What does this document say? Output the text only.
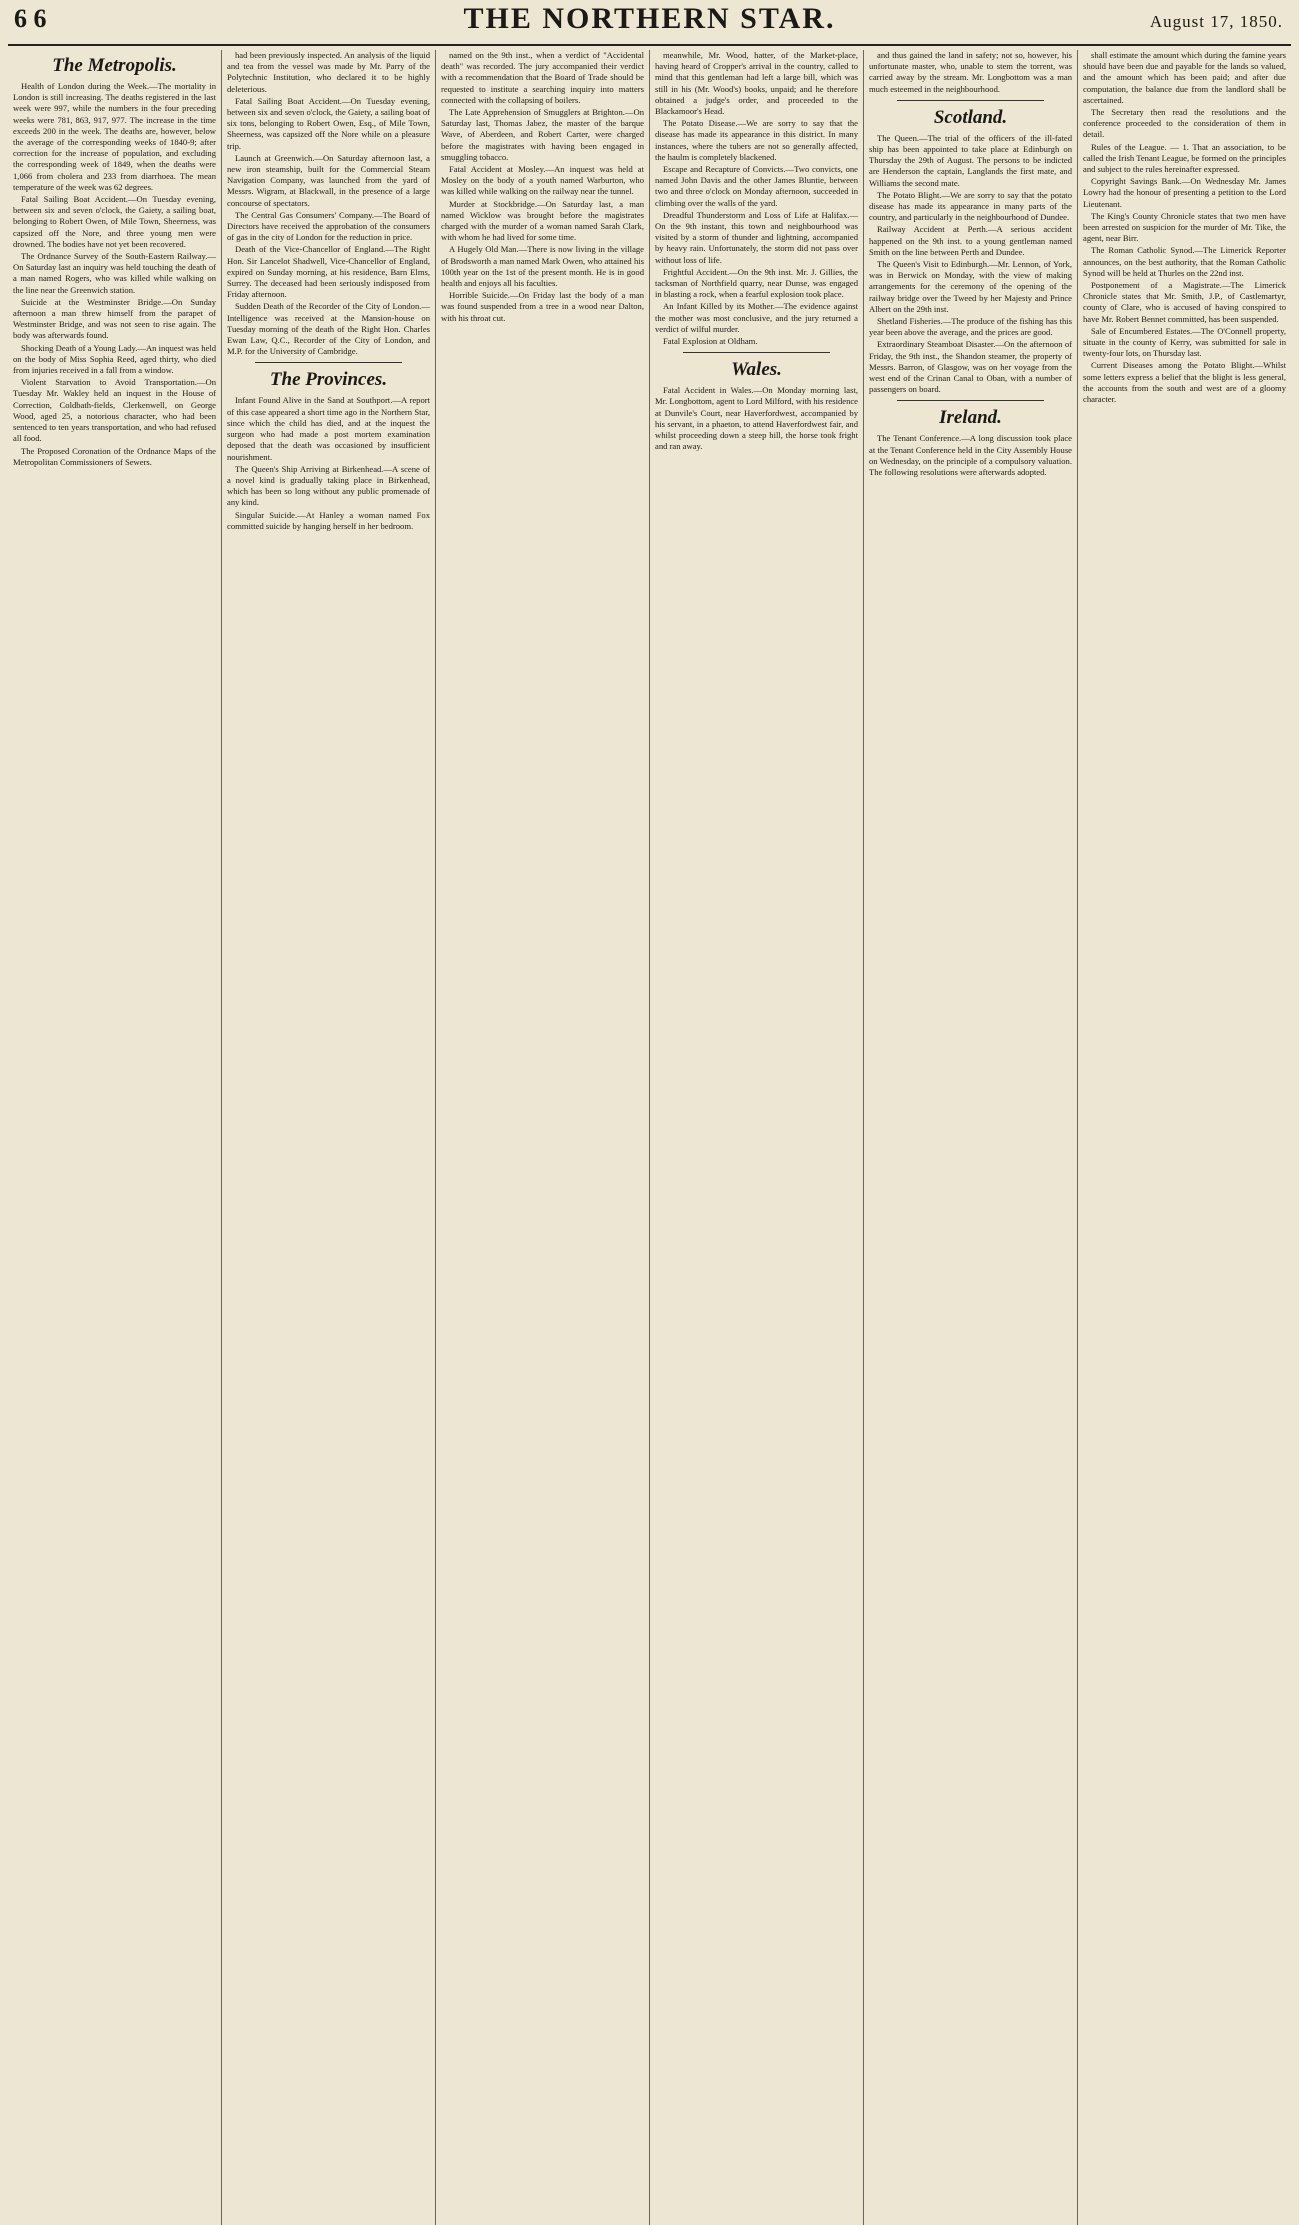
6 6	THE NORTHERN STAR.	August 17, 1850.

The Metropolis.

Health of London during the Week.—The mortality in London is still increasing. The deaths registered in the last week were 997, while the numbers in the four preceding weeks were 781, 863, 917, 977. The increase in the time exceeds 200 in the week. The deaths are, however, below the average of the corresponding weeks of 1840-9; after correction for the increase of population, and excluding the corresponding week of 1849, when the deaths were 1,066 from cholera and 233 from diarrhoea. The mean temperature of the week was 62 degrees.

Fatal Sailing Boat Accident.—On Tuesday evening, between six and seven o'clock, the Gaiety, a sailing boat, belonging to Robert Owen, of Mile Town, Sheerness, was capsized off the Nore, and three young men were drowned. The bodies have not yet been recovered.

The Ordnance Survey of the South-Eastern Railway.—On Saturday last an inquiry was held touching the death of a man named Rogers, who was killed while walking on the line near the Greenwich station.

Suicide at the Westminster Bridge.—On Sunday afternoon a man threw himself from the parapet of Westminster Bridge, and was not seen to rise again. The body was afterwards found.

Shocking Death of a Young Lady.—An inquest was held on the body of Miss Sophia Reed, aged thirty, who died from injuries received in a fall from a window.

Violent Starvation to Avoid Transportation.—On Tuesday Mr. Wakley held an inquest in the House of Correction, Coldbath-fields, Clerkenwell, on George Wood, aged 25, a notorious character, who had been sentenced to ten years transportation, and who had refused all food.

The Proposed Coronation of the Ordnance Maps of the Metropolitan Commissioners of Sewers.

had been previously inspected. An analysis of the liquid and tea from the vessel was made by Mr. Parry of the Polytechnic Institution, who declared it to be highly deleterious.

Fatal Sailing Boat Accident.—On Tuesday evening, between six and seven o'clock, the Gaiety, a sailing boat of six tons, belonging to Robert Owen, Esq., of Mile Town, Sheerness, was capsized off the Nore while on a pleasure trip.

Launch at Greenwich.—On Saturday afternoon last, a new iron steamship, built for the Commercial Steam Navigation Company, was launched from the yard of Messrs. Wigram, at Blackwall, in the presence of a large concourse of spectators.

The Central Gas Consumers' Company.—The Board of Directors have received the approbation of the consumers of gas in the city of London for the reduction in price.

Death of the Vice-Chancellor of England.—The Right Hon. Sir Lancelot Shadwell, Vice-Chancellor of England, expired on Sunday morning, at his residence, Barn Elms, Surrey. The deceased had been seriously indisposed from Friday afternoon.

Sudden Death of the Recorder of the City of London.—Intelligence was received at the Mansion-house on Tuesday morning of the death of the Right Hon. Charles Ewan Law, Q.C., Recorder of the City of London, and M.P. for the University of Cambridge.

The Provinces.

Infant Found Alive in the Sand at Southport.—A report of this case appeared a short time ago in the Northern Star, since which the child has died, and at the inquest the surgeon who had made a post mortem examination deposed that the death was occasioned by insufficient nourishment.

The Queen's Ship Arriving at Birkenhead.—A scene of a novel kind is gradually taking place in Birkenhead, which has been so long without any public promenade of any kind.

Singular Suicide.—At Hanley a woman named Fox committed suicide by hanging herself in her bedroom.

named on the 9th inst., when a verdict of "Accidental death" was recorded. The jury accompanied their verdict with a recommendation that the Board of Trade should be requested to institute a searching inquiry into matters connected with the collapsing of boilers.

The Late Apprehension of Smugglers at Brighton.—On Saturday last, Thomas Jabez, the master of the barque Wave, of Aberdeen, and Robert Carter, were charged before the magistrates with having been engaged in smuggling tobacco.

Fatal Accident at Mosley.—An inquest was held at Mosley on the body of a youth named Warburton, who was killed while walking on the railway near the tunnel.

Murder at Stockbridge.—On Saturday last, a man named Wicklow was brought before the magistrates charged with the murder of a woman named Sarah Clark, with whom he had lived for some time.

A Hugely Old Man.—There is now living in the village of Brodsworth a man named Mark Owen, who attained his 100th year on the 1st of the present month. He is in good health and enjoys all his faculties.

Horrible Suicide.—On Friday last the body of a man was found suspended from a tree in a wood near Dalton, with his throat cut.

meanwhile, Mr. Wood, hatter, of the Market-place, having heard of Cropper's arrival in the country, called to mind that this gentleman had left a large bill, which was still in his (Mr. Wood's) books, unpaid; and he therefore obtained a judge's order, and proceeded to the Blackamoor's Head.

The Potato Disease.—We are sorry to say that the disease has made its appearance in this district. In many instances, where the tubers are not so generally affected, the haulm is completely blackened.

Escape and Recapture of Convicts.—Two convicts, one named John Davis and the other James Bluntie, between two and three o'clock on Monday afternoon, succeeded in climbing over the walls of the yard.

Dreadful Thunderstorm and Loss of Life at Halifax.—On the 9th instant, this town and neighbourhood was visited by a storm of thunder and lightning, accompanied by heavy rain. Unfortunately, the storm did not pass over without loss of life.

Frightful Accident.—On the 9th inst. Mr. J. Gillies, the tacksman of Northfield quarry, near Dunse, was engaged in blasting a rock, when a fearful explosion took place.

An Infant Killed by its Mother.—The evidence against the mother was most conclusive, and the jury returned a verdict of wilful murder.

Fatal Explosion at Oldham.

Wales.

Fatal Accident in Wales.—On Monday morning last, Mr. Longbottom, agent to Lord Milford, with his residence at Dunvile's Court, near Haverfordwest, accompanied by his servant, in a phaeton, to attend Haverfordwest fair, and whilst proceeding down a steep hill, the horse took fright and ran away.

and thus gained the land in safety; not so, however, his unfortunate master, who, unable to stem the torrent, was carried away by the stream. Mr. Longbottom was a man much esteemed in the neighbourhood.

Scotland.

The Queen.—The trial of the officers of the ill-fated ship has been appointed to take place at Edinburgh on Thursday the 29th of August. The persons to be indicted are Henderson the captain, Langlands the first mate, and Williams the second mate.

The Potato Blight.—We are sorry to say that the potato disease has made its appearance in many parts of the country, and particularly in the neighbourhood of Dundee.

Railway Accident at Perth.—A serious accident happened on the 9th inst. to a young gentleman named Smith on the line between Perth and Dundee.

The Queen's Visit to Edinburgh.—Mr. Lennon, of York, was in Berwick on Monday, with the view of making arrangements for the ceremony of the opening of the railway bridge over the Tweed by her Majesty and Prince Albert on the 29th inst.

Shetland Fisheries.—The produce of the fishing has this year been above the average, and the prices are good.

Extraordinary Steamboat Disaster.—On the afternoon of Friday, the 9th inst., the Shandon steamer, the property of Messrs. Barron, of Glasgow, was on her voyage from the west end of the Crinan Canal to Oban, with a number of passengers on board.

Ireland.

The Tenant Conference.—A long discussion took place at the Tenant Conference held in the City Assembly House on Wednesday, on the principle of a compulsory valuation. The following resolutions were afterwards adopted.

shall estimate the amount which during the famine years should have been due and payable for the lands so valued, and the amount which has been paid; and after due computation, the balance due from the landlord shall be ascertained.

The Secretary then read the resolutions and the conference proceeded to the consideration of them in detail.

Rules of the League. — 1. That an association, to be called the Irish Tenant League, be formed on the principles and subject to the rules hereinafter expressed.

Copyright Savings Bank.—On Wednesday Mr. James Lowry had the honour of presenting a petition to the Lord Lieutenant.

The King's County Chronicle states that two men have been arrested on suspicion for the murder of Mr. Tike, the agent, near Birr.

The Roman Catholic Synod.—The Limerick Reporter announces, on the best authority, that the Roman Catholic Synod will be held at Thurles on the 22nd inst.

Postponement of a Magistrate.—The Limerick Chronicle states that Mr. Smith, J.P., of Castlemartyr, county of Clare, who is accused of having conspired to have Mr. Robert Bennet committed, has been suspended.

Sale of Encumbered Estates.—The O'Connell property, situate in the county of Kerry, was submitted for sale in twenty-four lots, on Thursday last.

Current Diseases among the Potato Blight.—Whilst some letters express a belief that the blight is less general, the accounts from the south and west are of a gloomy character.
